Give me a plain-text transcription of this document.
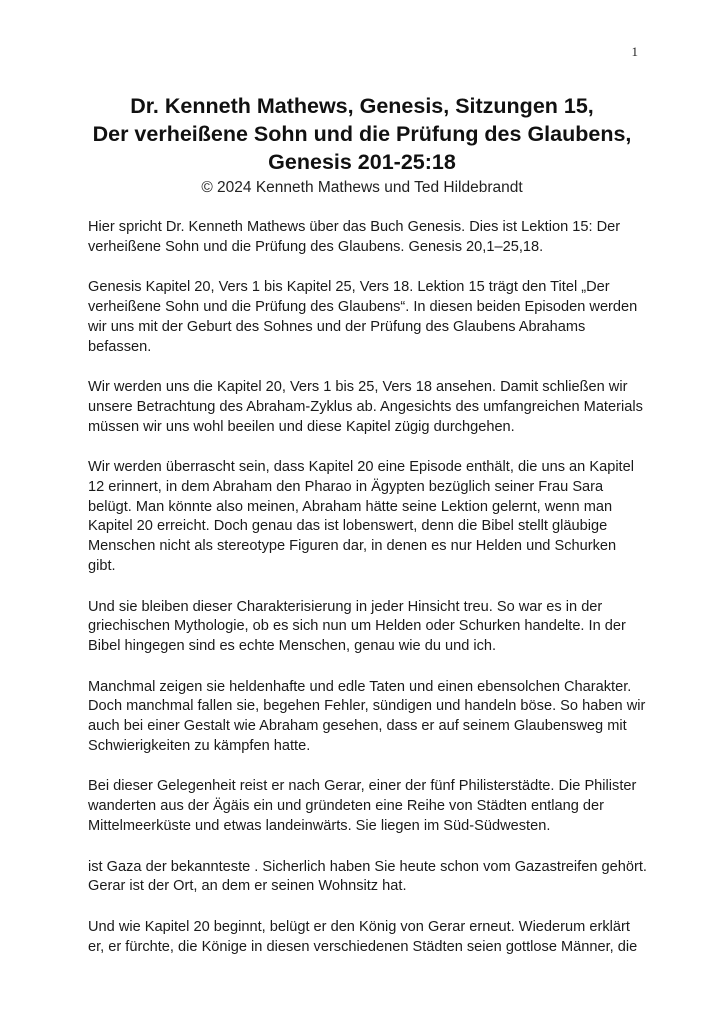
1
Dr. Kenneth Mathews, Genesis, Sitzungen 15,
Der verheißene Sohn und die Prüfung des Glaubens,
Genesis 201-25:18
© 2024 Kenneth Mathews und Ted Hildebrandt

Hier spricht Dr. Kenneth Mathews über das Buch Genesis. Dies ist Lektion 15: Der
verheißene Sohn und die Prüfung des Glaubens. Genesis 20,1–25,18.

Genesis Kapitel 20, Vers 1 bis Kapitel 25, Vers 18. Lektion 15 trägt den Titel „Der
verheißene Sohn und die Prüfung des Glaubens“. In diesen beiden Episoden werden
wir uns mit der Geburt des Sohnes und der Prüfung des Glaubens Abrahams
befassen.

Wir werden uns die Kapitel 20, Vers 1 bis 25, Vers 18 ansehen. Damit schließen wir
unsere Betrachtung des Abraham-Zyklus ab. Angesichts des umfangreichen Materials
müssen wir uns wohl beeilen und diese Kapitel zügig durchgehen.

Wir werden überrascht sein, dass Kapitel 20 eine Episode enthält, die uns an Kapitel
12 erinnert, in dem Abraham den Pharao in Ägypten bezüglich seiner Frau Sara
belügt. Man könnte also meinen, Abraham hätte seine Lektion gelernt, wenn man
Kapitel 20 erreicht. Doch genau das ist lobenswert, denn die Bibel stellt gläubige
Menschen nicht als stereotype Figuren dar, in denen es nur Helden und Schurken
gibt.

Und sie bleiben dieser Charakterisierung in jeder Hinsicht treu. So war es in der
griechischen Mythologie, ob es sich nun um Helden oder Schurken handelte. In der
Bibel hingegen sind es echte Menschen, genau wie du und ich.

Manchmal zeigen sie heldenhafte und edle Taten und einen ebensolchen Charakter.
Doch manchmal fallen sie, begehen Fehler, sündigen und handeln böse. So haben wir
auch bei einer Gestalt wie Abraham gesehen, dass er auf seinem Glaubensweg mit
Schwierigkeiten zu kämpfen hatte.

Bei dieser Gelegenheit reist er nach Gerar, einer der fünf Philisterstädte. Die Philister
wanderten aus der Ägäis ein und gründeten eine Reihe von Städten entlang der
Mittelmeerküste und etwas landeinwärts. Sie liegen im Süd-Südwesten.

ist Gaza der bekannteste . Sicherlich haben Sie heute schon vom Gazastreifen gehört.
Gerar ist der Ort, an dem er seinen Wohnsitz hat.

Und wie Kapitel 20 beginnt, belügt er den König von Gerar erneut. Wiederum erklärt
er, er fürchte, die Könige in diesen verschiedenen Städten seien gottlose Männer, die
